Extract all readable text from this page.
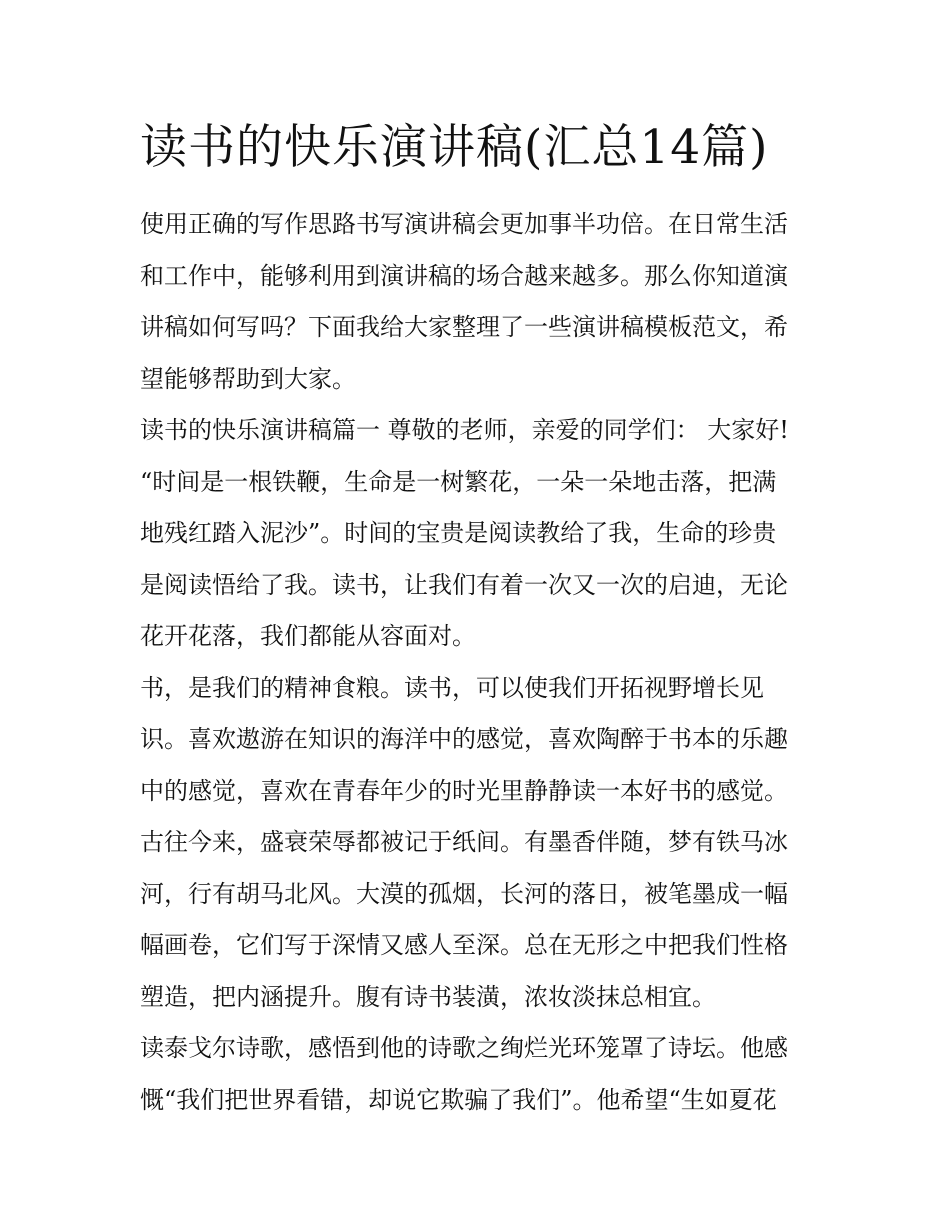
读书的快乐演讲稿(汇总14篇)
使用正确的写作思路书写演讲稿会更加事半功倍。在日常生活
和工作中，能够利用到演讲稿的场合越来越多。那么你知道演
讲稿如何写吗？下面我给大家整理了一些演讲稿模板范文，希
望能够帮助到大家。
读书的快乐演讲稿篇一 尊敬的老师，亲爱的同学们： 大家好!
“时间是一根铁鞭，生命是一树繁花，一朵一朵地击落，把满
地残红踏入泥沙”。时间的宝贵是阅读教给了我，生命的珍贵
是阅读悟给了我。读书，让我们有着一次又一次的启迪，无论
花开花落，我们都能从容面对。
书，是我们的精神食粮。读书，可以使我们开拓视野增长见
识。喜欢遨游在知识的海洋中的感觉，喜欢陶醉于书本的乐趣
中的感觉，喜欢在青春年少的时光里静静读一本好书的感觉。
古往今来，盛衰荣辱都被记于纸间。有墨香伴随，梦有铁马冰
河，行有胡马北风。大漠的孤烟，长河的落日，被笔墨成一幅
幅画卷，它们写于深情又感人至深。总在无形之中把我们性格
塑造，把内涵提升。腹有诗书装潢，浓妆淡抹总相宜。
读泰戈尔诗歌，感悟到他的诗歌之绚烂光环笼罩了诗坛。他感
慨“我们把世界看错，却说它欺骗了我们”。他希望“生如夏花
